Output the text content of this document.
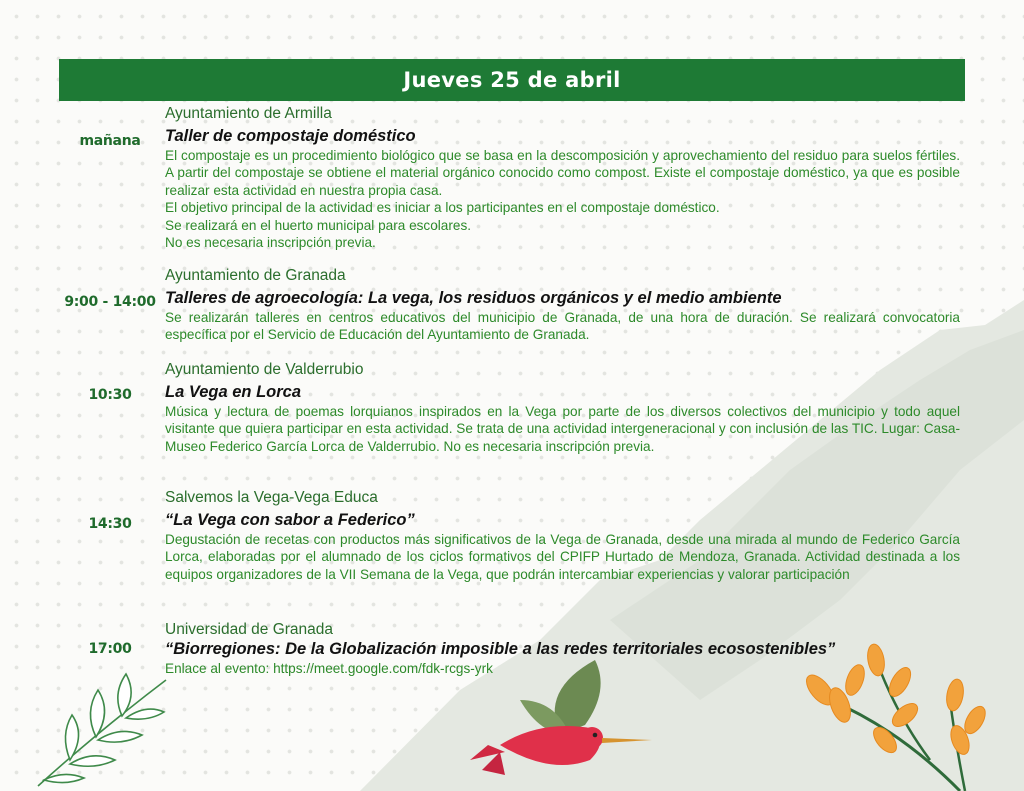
Jueves 25 de abril
mañana
Ayuntamiento de Armilla
Taller de compostaje doméstico
El compostaje es un procedimiento biológico que se basa en la descomposición y aprovechamiento del residuo para suelos fértiles. A partir del compostaje se obtiene el material orgánico conocido como compost. Existe el compostaje doméstico, ya que es posible realizar esta actividad en nuestra propia casa.
El objetivo principal de la actividad es iniciar a los participantes en el compostaje doméstico.
Se realizará en el huerto municipal para escolares.
No es necesaria inscripción previa.
9:00 - 14:00
Ayuntamiento de Granada
Talleres de agroecología: La vega, los residuos orgánicos y el medio ambiente
Se realizarán talleres en centros educativos del municipio de Granada, de una hora de duración. Se realizará convocatoria específica por el Servicio de Educación del Ayuntamiento de Granada.
10:30
Ayuntamiento de Valderrubio
La Vega en Lorca
Música y lectura de poemas lorquianos inspirados en la Vega por parte de los diversos colectivos del municipio y todo aquel visitante que quiera participar en esta actividad. Se trata de una actividad intergeneracional y con inclusión de las TIC. Lugar: Casa-Museo Federico García Lorca de Valderrubio. No es necesaria inscripción previa.
14:30
Salvemos la Vega-Vega Educa
“La Vega con sabor a Federico”
Degustación de recetas con productos más significativos de la Vega de Granada, desde una mirada al mundo de Federico García Lorca, elaboradas por el alumnado de los ciclos formativos del CPIFP Hurtado de Mendoza, Granada. Actividad destinada a los equipos organizadores de la VII Semana de la Vega, que podrán intercambiar experiencias y valorar participación
17:00
Universidad de Granada
“Biorregiones: De la Globalización imposible a las redes territoriales ecosostenibles”
Enlace al evento: https://meet.google.com/fdk-rcgs-yrk
